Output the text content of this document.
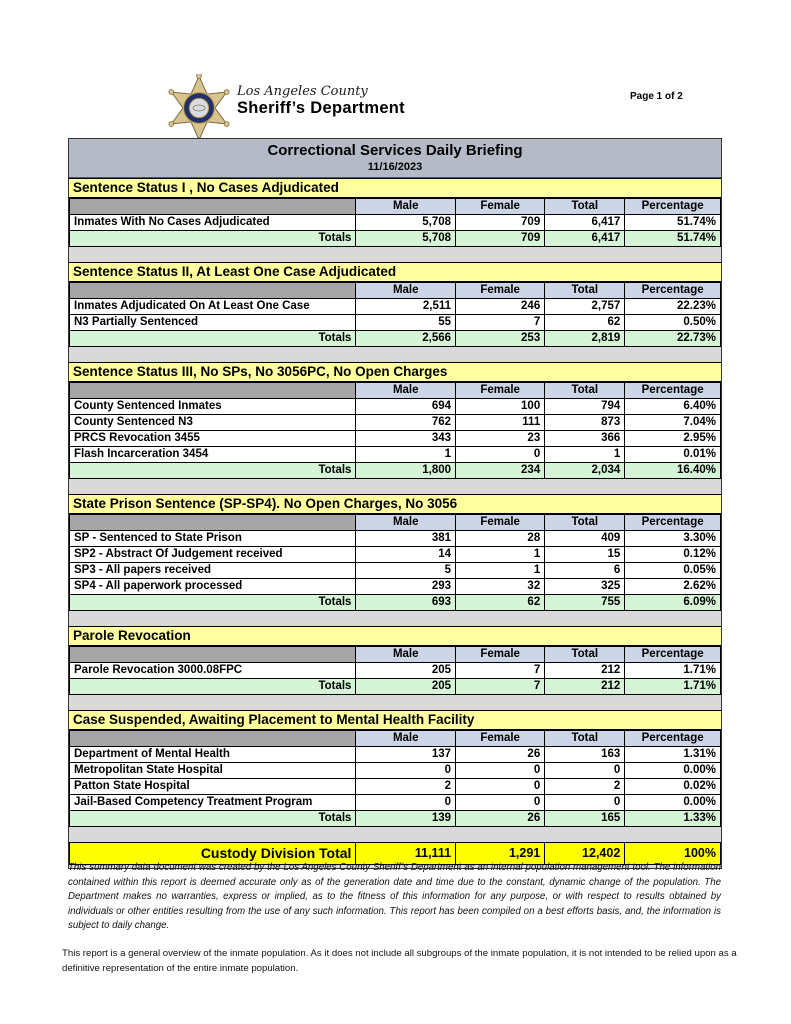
Los Angeles County
Sheriff’s Department
Page 1 of 2
Correctional Services Daily Briefing
11/16/2023
Sentence Status I , No Cases Adjudicated
	Male	Female	Total	Percentage
Inmates With No Cases Adjudicated	5,708	709	6,417	51.74%
Totals	5,708	709	6,417	51.74%
Sentence Status II, At Least One Case Adjudicated
	Male	Female	Total	Percentage
Inmates Adjudicated On At Least One Case	2,511	246	2,757	22.23%
N3 Partially Sentenced	55	7	62	0.50%
Totals	2,566	253	2,819	22.73%
Sentence Status III, No SPs, No 3056PC, No Open Charges
	Male	Female	Total	Percentage
County Sentenced Inmates	694	100	794	6.40%
County Sentenced N3	762	111	873	7.04%
PRCS Revocation 3455	343	23	366	2.95%
Flash Incarceration 3454	1	0	1	0.01%
Totals	1,800	234	2,034	16.40%
State Prison Sentence (SP-SP4). No Open Charges, No 3056
	Male	Female	Total	Percentage
SP - Sentenced to State Prison	381	28	409	3.30%
SP2 - Abstract Of Judgement received	14	1	15	0.12%
SP3 - All papers received	5	1	6	0.05%
SP4 - All paperwork processed	293	32	325	2.62%
Totals	693	62	755	6.09%
Parole Revocation
	Male	Female	Total	Percentage
Parole Revocation 3000.08FPC	205	7	212	1.71%
Totals	205	7	212	1.71%
Case Suspended, Awaiting Placement to Mental Health Facility
	Male	Female	Total	Percentage
Department of Mental Health	137	26	163	1.31%
Metropolitan State Hospital	0	0	0	0.00%
Patton State Hospital	2	0	2	0.02%
Jail-Based Competency Treatment Program	0	0	0	0.00%
Totals	139	26	165	1.33%
Custody Division Total	11,111	1,291	12,402	100%
This summary data document was created by the Los Angeles County Sheriff’s Department as an internal population management tool. The information contained within this report is deemed accurate only as of the generation date and time due to the constant, dynamic change of the population. The Department makes no warranties, express or implied, as to the fitness of this information for any purpose, or with respect to results obtained by individuals or other entities resulting from the use of any such information. This report has been compiled on a best efforts basis, and, the information is subject to daily change.
This report is a general overview of the inmate population. As it does not include all subgroups of the inmate population, it is not intended to be relied upon as a definitive representation of the entire inmate population.
